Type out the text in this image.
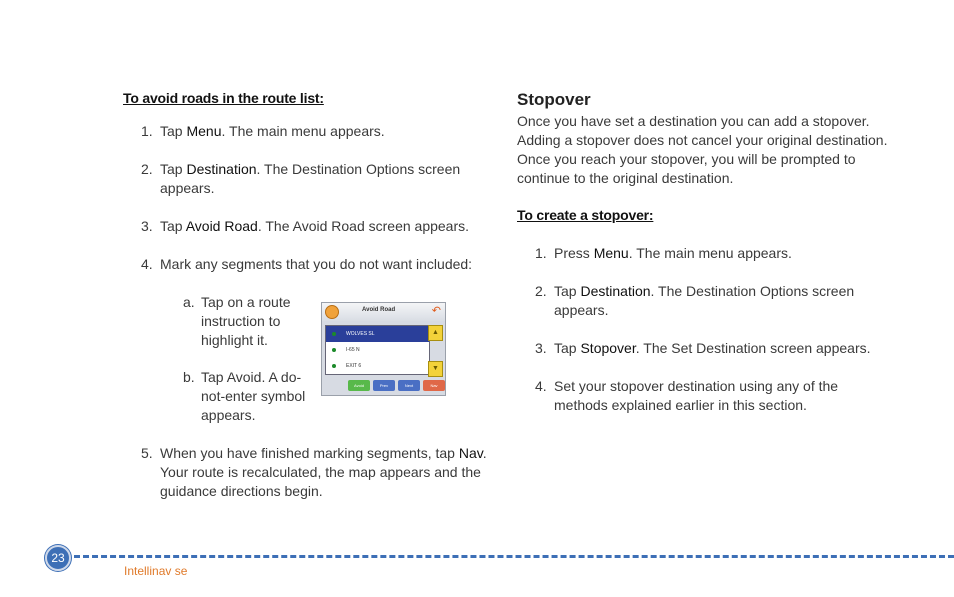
To avoid roads in the route list:

1. Tap Menu. The main menu appears.

2. Tap Destination. The Destination Options screen appears.

3. Tap Avoid Road. The Avoid Road screen appears.

4. Mark any segments that you do not want included:

a. Tap on a route instruction to highlight it.
b. Tap Avoid. A do-not-enter symbol appears.
Avoid Road	↶
WOLVES SL
I-65 N
EXIT 6
▲
▼
Avoid	Prev	Next	Nav

5. When you have finished marking segments, tap Nav. Your route is recalculated, the map appears and the guidance directions begin.

Stopover
Once you have set a destination you can add a stopover. Adding a stopover does not cancel your original destination. Once you reach your stopover, you will be prompted to continue to the original destination.
To create a stopover:

1. Press Menu. The main menu appears.

2. Tap Destination. The Destination Options screen appears.

3. Tap Stopover. The Set Destination screen appears.

4. Set your stopover destination using any of the methods explained earlier in this section.

23
Intellinav se
